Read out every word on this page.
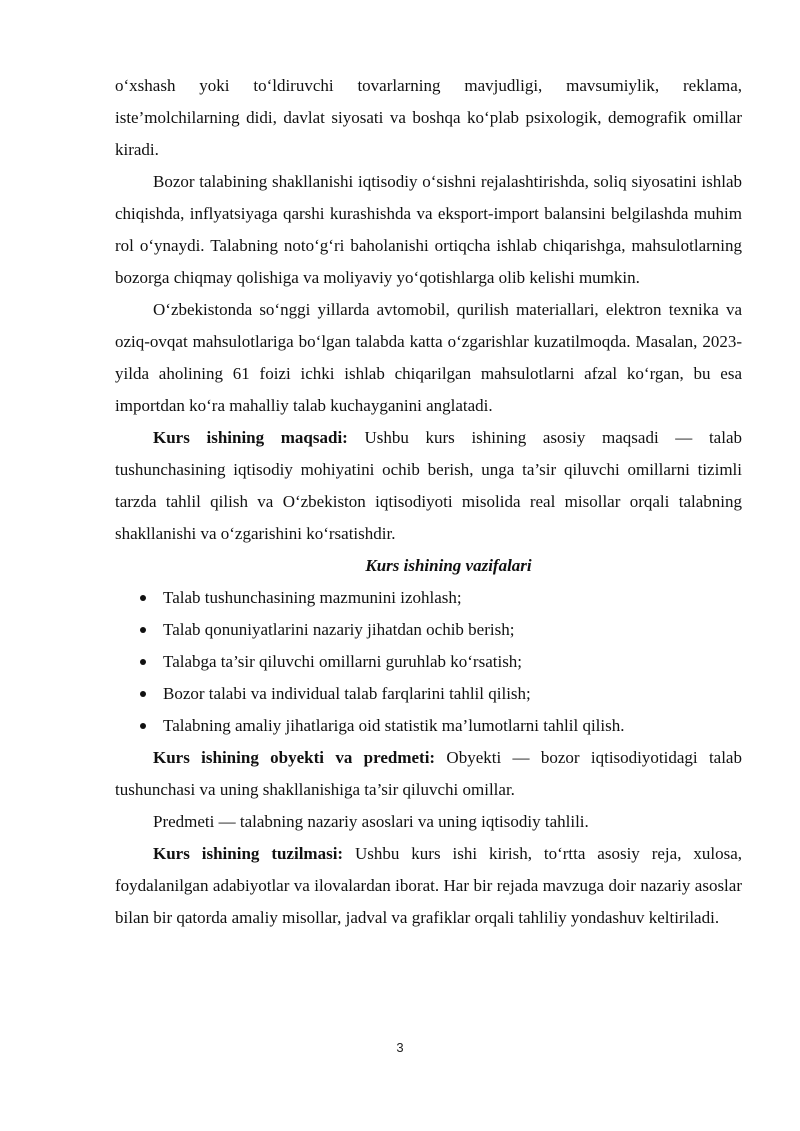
o‘xshash yoki to‘ldiruvchi tovarlarning mavjudligi, mavsumiylik, reklama, iste’molchilarning didi, davlat siyosati va boshqa ko‘plab psixologik, demografik omillar kiradi.

Bozor talabining shakllanishi iqtisodiy o‘sishni rejalashtirishda, soliq siyosatini ishlab chiqishda, inflyatsiyaga qarshi kurashishda va eksport-import balansini belgilashda muhim rol o‘ynaydi. Talabning noto‘g‘ri baholanishi ortiqcha ishlab chiqarishga, mahsulotlarning bozorga chiqmay qolishiga va moliyaviy yo‘qotishlarga olib kelishi mumkin.

O‘zbekistonda so‘nggi yillarda avtomobil, qurilish materiallari, elektron texnika va oziq-ovqat mahsulotlariga bo‘lgan talabda katta o‘zgarishlar kuzatilmoqda. Masalan, 2023-yilda aholining 61 foizi ichki ishlab chiqarilgan mahsulotlarni afzal ko‘rgan, bu esa importdan ko‘ra mahalliy talab kuchayganini anglatadi.

Kurs ishining maqsadi: Ushbu kurs ishining asosiy maqsadi — talab tushunchasining iqtisodiy mohiyatini ochib berish, unga ta’sir qiluvchi omillarni tizimli tarzda tahlil qilish va O‘zbekiston iqtisodiyoti misolida real misollar orqali talabning shakllanishi va o‘zgarishini ko‘rsatishdir.

Kurs ishining vazifalari

Talab tushunchasining mazmunini izohlash;
Talab qonuniyatlarini nazariy jihatdan ochib berish;
Talabga ta’sir qiluvchi omillarni guruhlab ko‘rsatish;
Bozor talabi va individual talab farqlarini tahlil qilish;
Talabning amaliy jihatlariga oid statistik ma’lumotlarni tahlil qilish.

Kurs ishining obyekti va predmeti: Obyekti — bozor iqtisodiyotidagi talab tushunchasi va uning shakllanishiga ta’sir qiluvchi omillar.

Predmeti — talabning nazariy asoslari va uning iqtisodiy tahlili.

Kurs ishining tuzilmasi: Ushbu kurs ishi kirish, to‘rtta asosiy reja, xulosa, foydalanilgan adabiyotlar va ilovalardan iborat. Har bir rejada mavzuga doir nazariy asoslar bilan bir qatorda amaliy misollar, jadval va grafiklar orqali tahliliy yondashuv keltiriladi.

3
